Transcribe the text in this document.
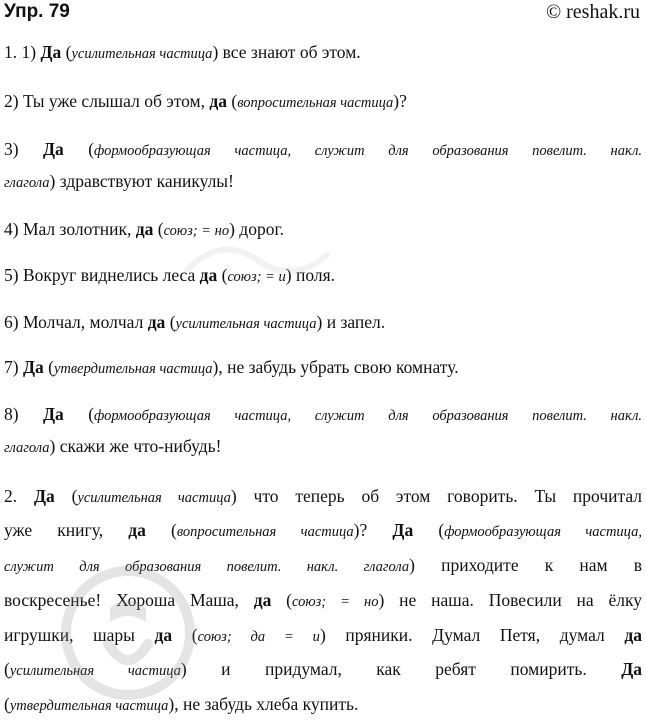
Упр. 79	© reshak.ru
1. 1) Да (усилительная частица) все знают об этом.
2) Ты уже слышал об этом, да (вопросительная частица)?
3) Да (формообразующая частица, служит для образования повелит. накл.
глагола) здравствуют каникулы!
4) Мал золотник, да (союз; = но) дорог.
5) Вокруг виднелись леса да (союз; = и) поля.
6) Молчал, молчал да (усилительная частица) и запел.
7) Да (утвердительная частица), не забудь убрать свою комнату.
8) Да (формообразующая частица, служит для образования повелит. накл.
глагола) скажи же что-нибудь!
2. Да (усилительная частица) что теперь об этом говорить. Ты прочитал
уже книгу, да (вопросительная частица)? Да (формообразующая частица,
служит для образования повелит. накл. глагола) приходите к нам в
воскресенье! Хороша Маша, да (союз; = но) не наша. Повесили на ёлку
игрушки, шары да (союз; да = и) пряники. Думал Петя, думал да
(усилительная частица) и придумал, как ребят помирить. Да
(утвердительная частица), не забудь хлеба купить.
